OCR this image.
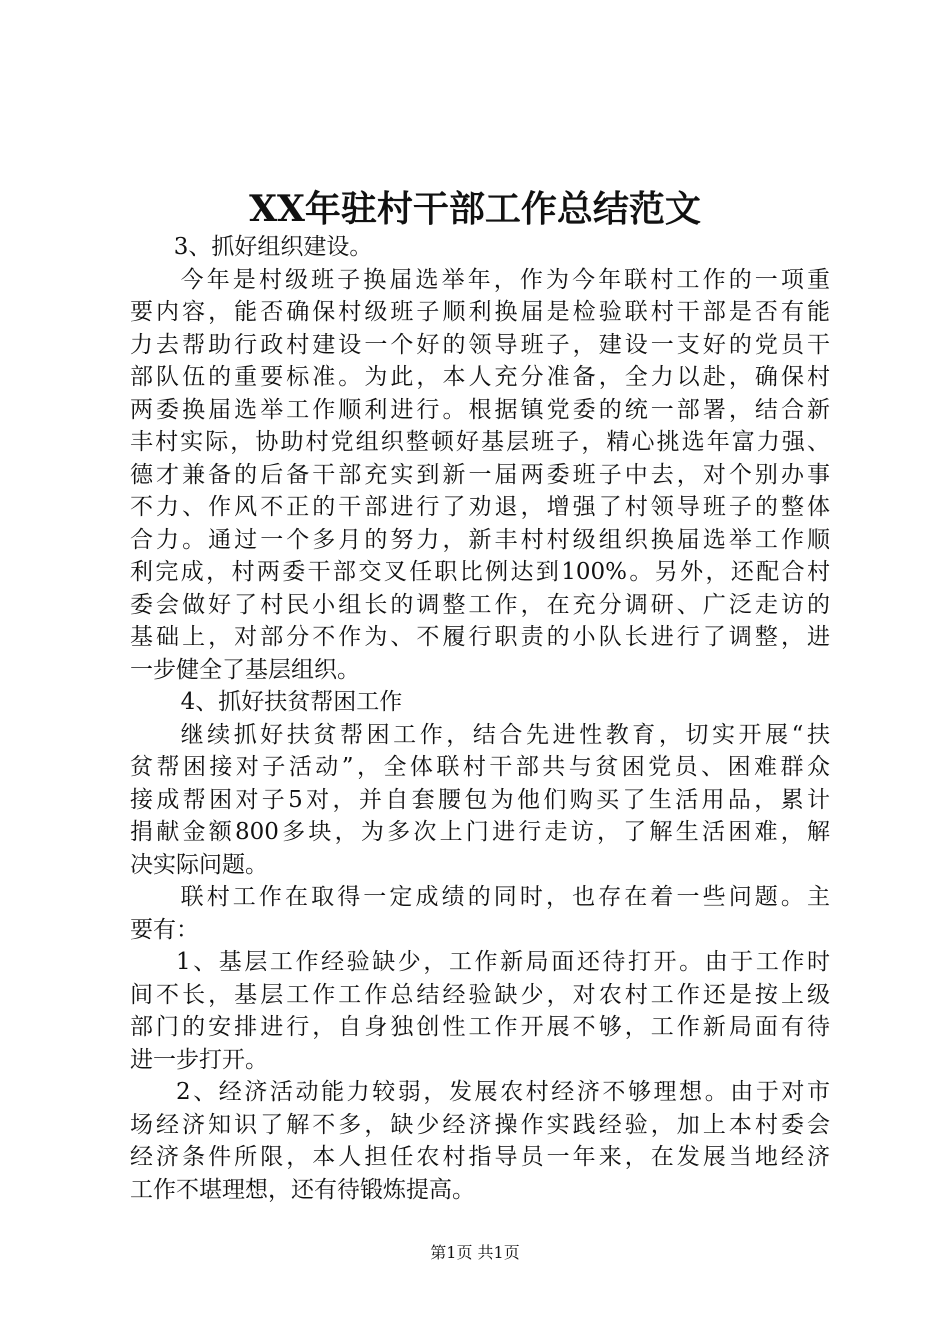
XX年驻村干部工作总结范文
3、抓好组织建设。
今年是村级班子换届选举年，作为今年联村工作的一项重
要内容，能否确保村级班子顺利换届是检验联村干部是否有能
力去帮助行政村建设一个好的领导班子，建设一支好的党员干
部队伍的重要标准。为此，本人充分准备，全力以赴，确保村
两委换届选举工作顺利进行。根据镇党委的统一部署，结合新
丰村实际，协助村党组织整顿好基层班子，精心挑选年富力强、
德才兼备的后备干部充实到新一届两委班子中去，对个别办事
不力、作风不正的干部进行了劝退，增强了村领导班子的整体
合力。通过一个多月的努力，新丰村村级组织换届选举工作顺
利完成，村两委干部交叉任职比例达到100%。另外，还配合村
委会做好了村民小组长的调整工作，在充分调研、广泛走访的
基础上，对部分不作为、不履行职责的小队长进行了调整，进
一步健全了基层组织。
4、抓好扶贫帮困工作
继续抓好扶贫帮困工作，结合先进性教育，切实开展“扶
贫帮困接对子活动”，全体联村干部共与贫困党员、困难群众
接成帮困对子5对，并自套腰包为他们购买了生活用品，累计
捐献金额800多块，为多次上门进行走访，了解生活困难，解
决实际问题。
联村工作在取得一定成绩的同时，也存在着一些问题。主
要有：
1、基层工作经验缺少，工作新局面还待打开。由于工作时
间不长，基层工作工作总结经验缺少，对农村工作还是按上级
部门的安排进行，自身独创性工作开展不够，工作新局面有待
进一步打开。
2、经济活动能力较弱，发展农村经济不够理想。由于对市
场经济知识了解不多，缺少经济操作实践经验，加上本村委会
经济条件所限，本人担任农村指导员一年来，在发展当地经济
工作不堪理想，还有待锻炼提高。
第1页 共1页
